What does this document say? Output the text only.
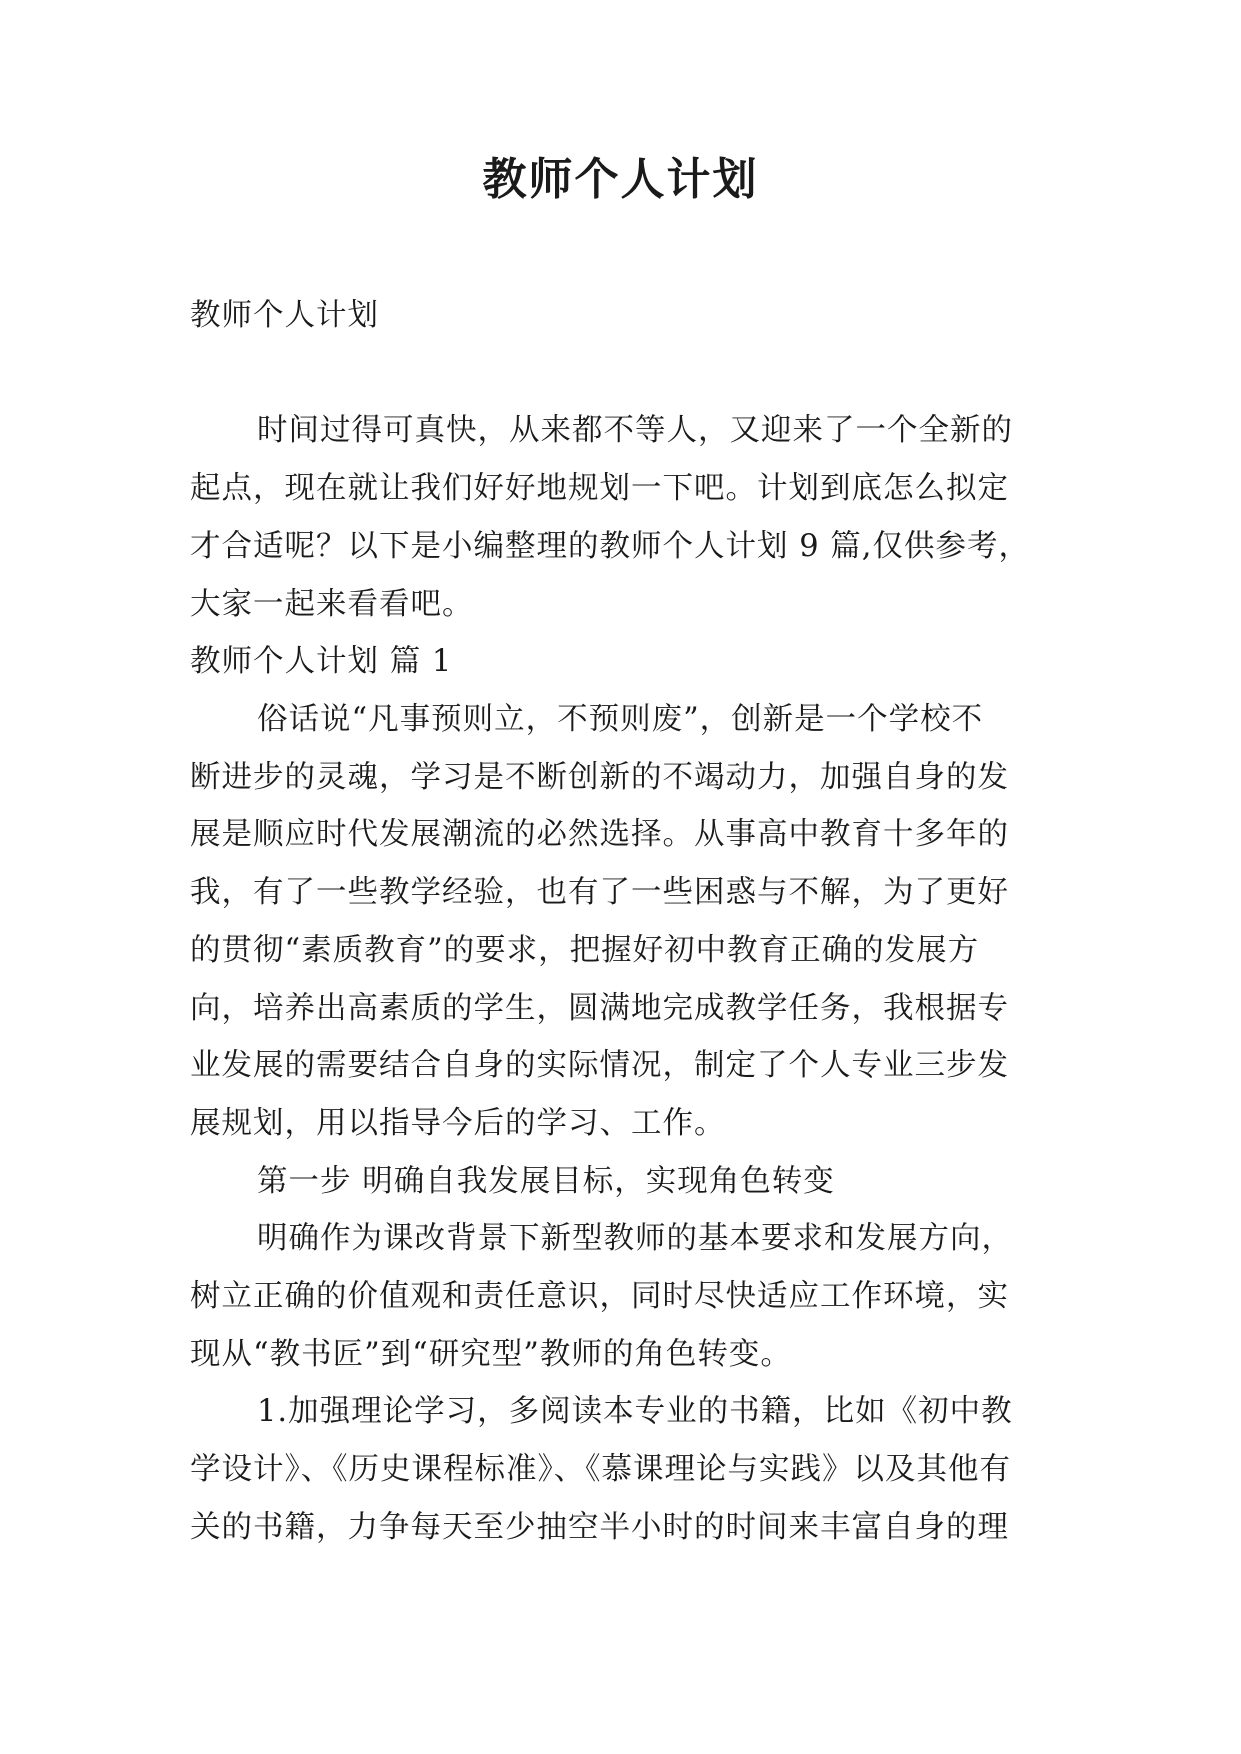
教师个人计划
教师个人计划
时间过得可真快，从来都不等人，又迎来了一个全新的
起点，现在就让我们好好地规划一下吧。计划到底怎么拟定
才合适呢？以下是小编整理的教师个人计划 9 篇,仅供参考，
大家一起来看看吧。
教师个人计划 篇 1
俗话说“凡事预则立，不预则废”，创新是一个学校不
断进步的灵魂，学习是不断创新的不竭动力，加强自身的发
展是顺应时代发展潮流的必然选择。从事高中教育十多年的
我，有了一些教学经验，也有了一些困惑与不解，为了更好
的贯彻“素质教育”的要求，把握好初中教育正确的发展方
向，培养出高素质的学生，圆满地完成教学任务，我根据专
业发展的需要结合自身的实际情况，制定了个人专业三步发
展规划，用以指导今后的学习、工作。
第一步 明确自我发展目标，实现角色转变
明确作为课改背景下新型教师的基本要求和发展方向，
树立正确的价值观和责任意识，同时尽快适应工作环境，实
现从“教书匠”到“研究型”教师的角色转变。
1.加强理论学习，多阅读本专业的书籍，比如《初中教
学设计》、《历史课程标准》、《慕课理论与实践》以及其他有
关的书籍，力争每天至少抽空半小时的时间来丰富自身的理
